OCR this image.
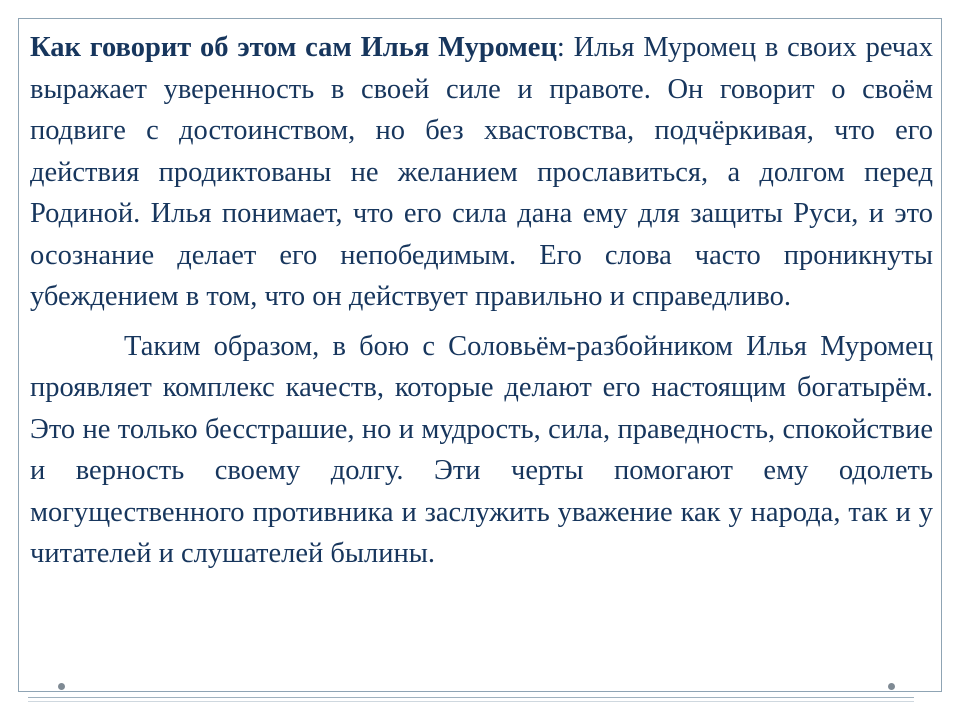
Как говорит об этом сам Илья Муромец: Илья Муромец в своих речах выражает уверенность в своей силе и правоте. Он говорит о своём подвиге с достоинством, но без хвастовства, подчёркивая, что его действия продиктованы не желанием прославиться, а долгом перед Родиной. Илья понимает, что его сила дана ему для защиты Руси, и это осознание делает его непобедимым. Его слова часто проникнуты убеждением в том, что он действует правильно и справедливо.

Таким образом, в бою с Соловьём-разбойником Илья Муромец проявляет комплекс качеств, которые делают его настоящим богатырём. Это не только бесстрашие, но и мудрость, сила, праведность, спокойствие и верность своему долгу. Эти черты помогают ему одолеть могущественного противника и заслужить уважение как у народа, так и у читателей и слушателей былины.
